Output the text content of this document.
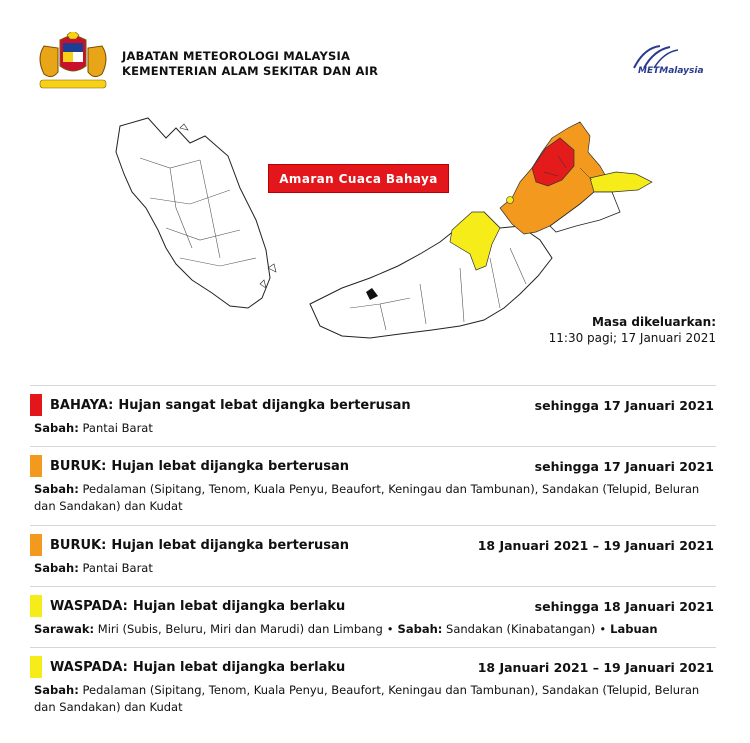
JABATAN METEOROLOGI MALAYSIA
KEMENTERIAN ALAM SEKITAR DAN AIR	METMalaysia
Amaran Cuaca Bahaya
Masa dikeluarkan:
11:30 pagi; 17 Januari 2021
BAHAYA: Hujan sangat lebat dijangka berterusan	sehingga 17 Januari 2021
Sabah: Pantai Barat
BURUK: Hujan lebat dijangka berterusan	sehingga 17 Januari 2021
Sabah: Pedalaman (Sipitang, Tenom, Kuala Penyu, Beaufort, Keningau dan Tambunan), Sandakan (Telupid, Beluran dan Sandakan) dan Kudat
BURUK: Hujan lebat dijangka berterusan	18 Januari 2021 – 19 Januari 2021
Sabah: Pantai Barat
WASPADA: Hujan lebat dijangka berlaku	sehingga 18 Januari 2021
Sarawak: Miri (Subis, Beluru, Miri dan Marudi) dan Limbang • Sabah: Sandakan (Kinabatangan) • Labuan
WASPADA: Hujan lebat dijangka berlaku	18 Januari 2021 – 19 Januari 2021
Sabah: Pedalaman (Sipitang, Tenom, Kuala Penyu, Beaufort, Keningau dan Tambunan), Sandakan (Telupid, Beluran dan Sandakan) dan Kudat
